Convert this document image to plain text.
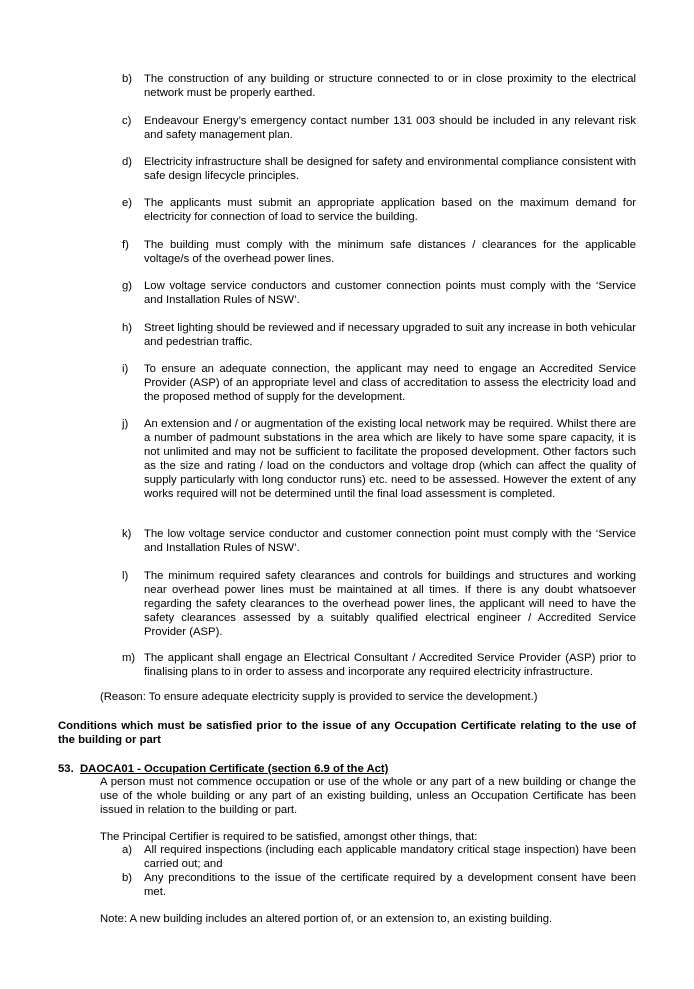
b)	The construction of any building or structure connected to or in close proximity to the electrical network must be properly earthed.
c)	Endeavour Energy’s emergency contact number 131 003 should be included in any relevant risk and safety management plan.
d)	Electricity infrastructure shall be designed for safety and environmental compliance consistent with safe design lifecycle principles.
e)	The applicants must submit an appropriate application based on the maximum demand for electricity for connection of load to service the building.
f)	The building must comply with the minimum safe distances / clearances for the applicable voltage/s of the overhead power lines.
g)	Low voltage service conductors and customer connection points must comply with the ‘Service and Installation Rules of NSW’.
h)	Street lighting should be reviewed and if necessary upgraded to suit any increase in both vehicular and pedestrian traffic.
i)	To ensure an adequate connection, the applicant may need to engage an Accredited Service Provider (ASP) of an appropriate level and class of accreditation to assess the electricity load and the proposed method of supply for the development.
j)	An extension and / or augmentation of the existing local network may be required. Whilst there are a number of padmount substations in the area which are likely to have some spare capacity, it is not unlimited and may not be sufficient to facilitate the proposed development. Other factors such as the size and rating / load on the conductors and voltage drop (which can affect the quality of supply particularly with long conductor runs) etc. need to be assessed. However the extent of any works required will not be determined until the final load assessment is completed.
k)	The low voltage service conductor and customer connection point must comply with the ‘Service and Installation Rules of NSW’.
l)	The minimum required safety clearances and controls for buildings and structures and working near overhead power lines must be maintained at all times. If there is any doubt whatsoever regarding the safety clearances to the overhead power lines, the applicant will need to have the safety clearances assessed by a suitably qualified electrical engineer / Accredited Service Provider (ASP).
m) The applicant shall engage an Electrical Consultant / Accredited Service Provider (ASP) prior to finalising plans to in order to assess and incorporate any required electricity infrastructure.
(Reason: To ensure adequate electricity supply is provided to service the development.)
Conditions which must be satisfied prior to the issue of any Occupation Certificate relating to the use of the building or part
53. DAOCA01 - Occupation Certificate (section 6.9 of the Act)
A person must not commence occupation or use of the whole or any part of a new building or change the use of the whole building or any part of an existing building, unless an Occupation Certificate has been issued in relation to the building or part.
The Principal Certifier is required to be satisfied, amongst other things, that:
a)	All required inspections (including each applicable mandatory critical stage inspection) have been carried out; and
b)	Any preconditions to the issue of the certificate required by a development consent have been met.
Note: A new building includes an altered portion of, or an extension to, an existing building.
